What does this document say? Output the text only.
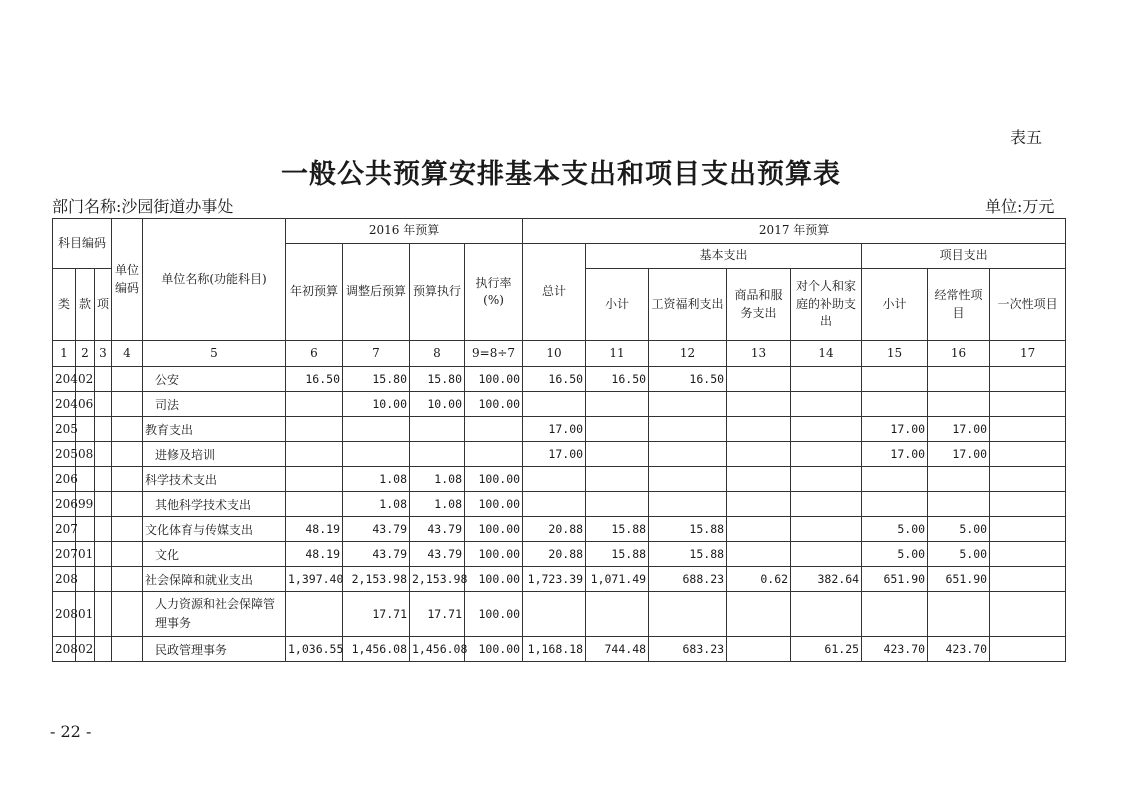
表五
一般公共预算安排基本支出和项目支出预算表
部门名称:沙园街道办事处	单位:万元
科目编码			单位编码	单位名称(功能科目)	2016 年预算				2017 年预算							
					年初预算	调整后预算	预算执行	执行率(%)	总计	基本支出				项目支出		
类	款	项								小计	工资福利支出	商品和服务支出	对个人和家庭的补助支出	小计	经常性项目	一次性项目
1	2	3	4	5	6	7	8	9=8÷7	10	11	12	13	14	15	16	17
204	02			公安	16.50	15.80	15.80	100.00	16.50	16.50	16.50					
204	06			司法		10.00	10.00	100.00								
205				教育支出					17.00					17.00	17.00	
205	08			进修及培训					17.00					17.00	17.00	
206				科学技术支出		1.08	1.08	100.00								
206	99			其他科学技术支出		1.08	1.08	100.00								
207				文化体育与传媒支出	48.19	43.79	43.79	100.00	20.88	15.88	15.88			5.00	5.00	
207	01			文化	48.19	43.79	43.79	100.00	20.88	15.88	15.88			5.00	5.00	
208				社会保障和就业支出	1,397.40	2,153.98	2,153.98	100.00	1,723.39	1,071.49	688.23	0.62	382.64	651.90	651.90	
208	01			人力资源和社会保障管理事务		17.71	17.71	100.00								
208	02			民政管理事务	1,036.55	1,456.08	1,456.08	100.00	1,168.18	744.48	683.23		61.25	423.70	423.70	
- 22 -
